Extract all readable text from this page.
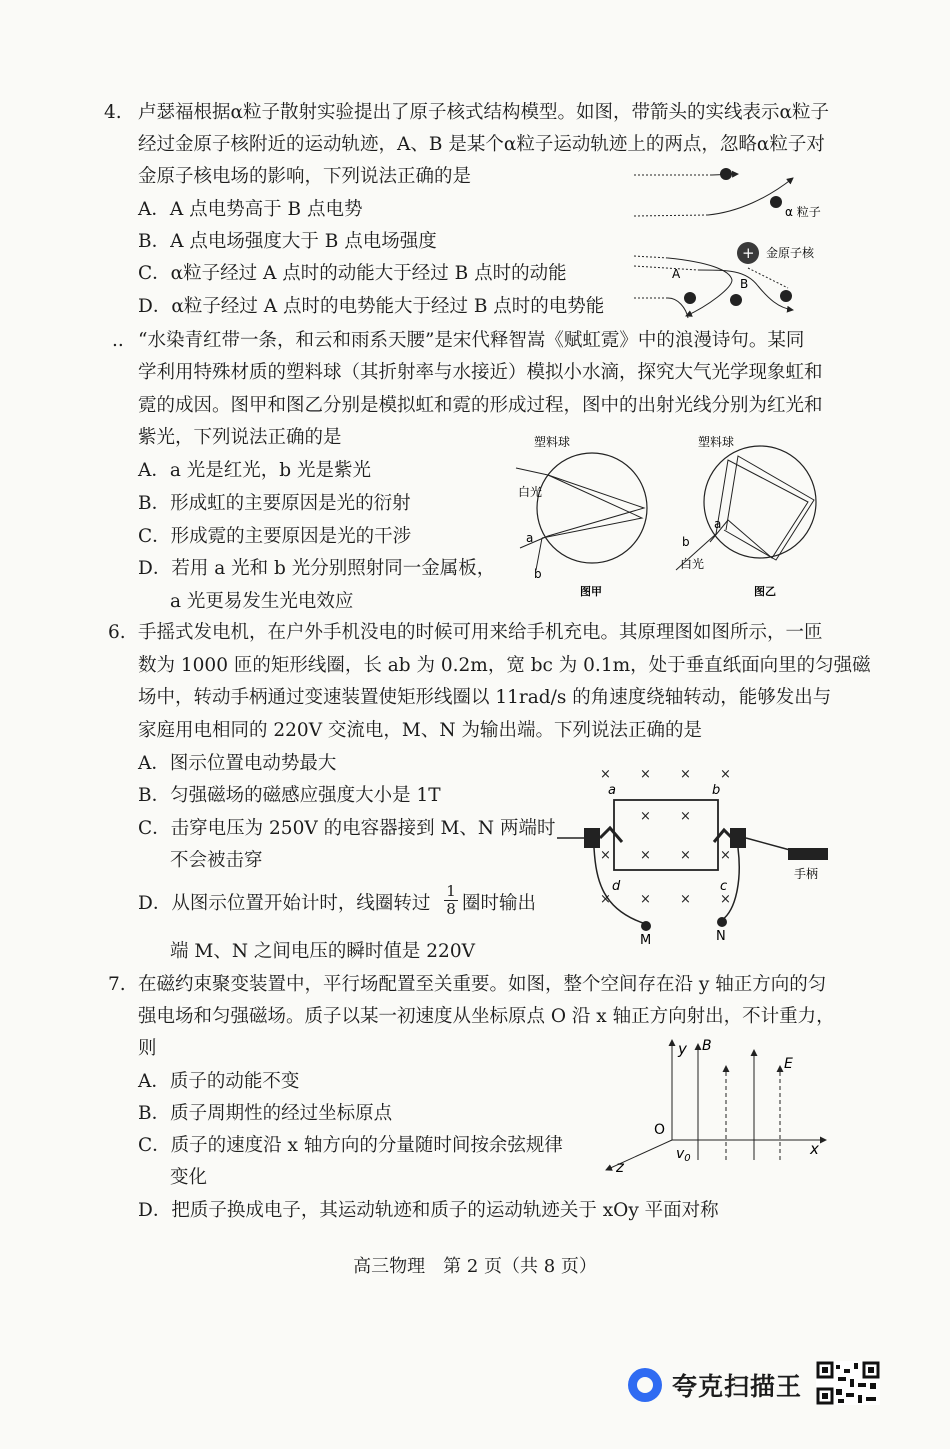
4. 卢瑟福根据α粒子散射实验提出了原子核式结构模型。如图，带箭头的实线表示α粒子
经过金原子核附近的运动轨迹，A、B 是某个α粒子运动轨迹上的两点，忽略α粒子对
金原子核电场的影响，下列说法正确的是
A．A 点电势高于 B 点电势
B．A 点电场强度大于 B 点电场强度
C．α粒子经过 A 点时的动能大于经过 B 点时的动能
D．α粒子经过 A 点时的电势能大于经过 B 点时的电势能
α 粒子
+ 金原子核
A
B
.. “水染青红带一条，和云和雨系天腰”是宋代释智嵩《赋虹霓》中的浪漫诗句。某同
学利用特殊材质的塑料球（其折射率与水接近）模拟小水滴，探究大气光学现象虹和
霓的成因。图甲和图乙分别是模拟虹和霓的形成过程，图中的出射光线分别为红光和
紫光，下列说法正确的是
A．a 光是红光，b 光是紫光
B．形成虹的主要原因是光的衍射
C．形成霓的主要原因是光的干涉
D．若用 a 光和 b 光分别照射同一金属板，
a 光更易发生光电效应
塑料球
白光
a
b
图甲
塑料球
b
a
白光
图乙
6. 手摇式发电机，在户外手机没电的时候可用来给手机充电。其原理图如图所示，一匝
数为 1000 匝的矩形线圈，长 ab 为 0.2m，宽 bc 为 0.1m，处于垂直纸面向里的匀强磁
场中，转动手柄通过变速装置使矩形线圈以 11rad/s 的角速度绕轴转动，能够发出与
家庭用电相同的 220V 交流电，M、N 为输出端。下列说法正确的是
A．图示位置电动势最大
B．匀强磁场的磁感应强度大小是 1T
C．击穿电压为 250V 的电容器接到 M、N 两端时
不会被击穿
D．从图示位置开始计时，线圈转过 $\frac{1}{8}$ 圈时输出
端 M、N 之间电压的瞬时值是 220V
× × × ×
×
× ×
×
× ×
× × × ×
手柄
a	b
c
d
M	N
7. 在磁约束聚变装置中，平行场配置至关重要。如图，整个空间存在沿 y 轴正方向的匀
强电场和匀强磁场。质子以某一初速度从坐标原点 O 沿 x 轴正方向射出，不计重力，
则
A．质子的动能不变
B．质子周期性的经过坐标原点
C．质子的速度沿 x 轴方向的分量随时间按余弦规律
变化
D．把质子换成电子，其运动轨迹和质子的运动轨迹关于 xOy 平面对称
y B
O
$v_0$
x
z
E
高三物理　第 2 页（共 8 页）
夸克扫描王
